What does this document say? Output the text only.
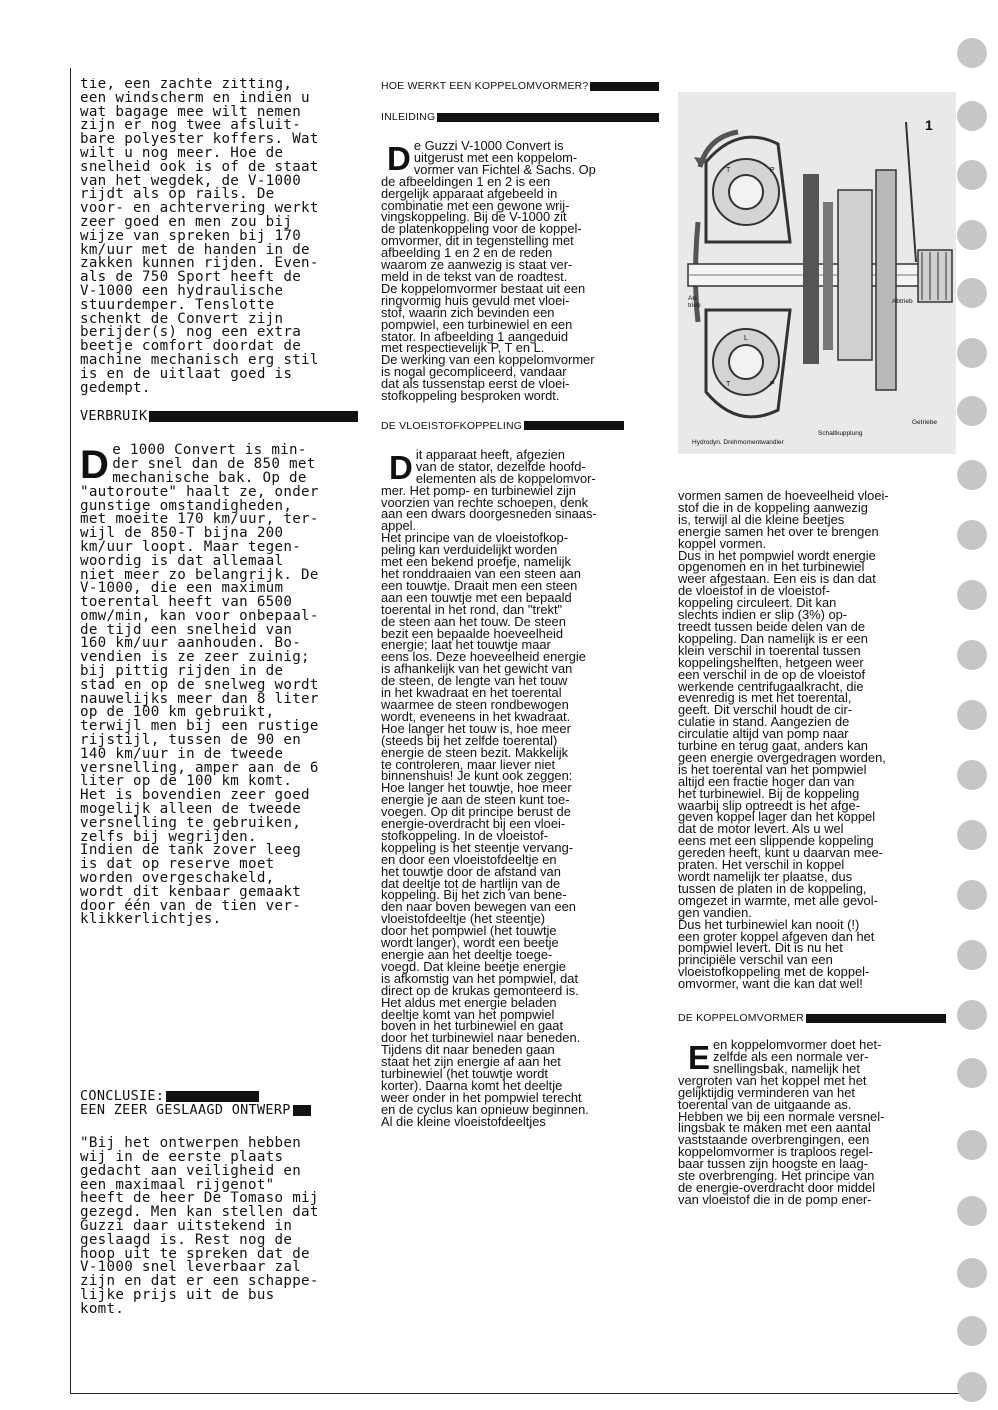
tie, een zachte zitting,
een windscherm en indien u
wat bagage mee wilt nemen
zijn er nog twee afsluit-
bare polyester koffers. Wat
wilt u nog meer. Hoe de
snelheid ook is of de staat
van het wegdek, de V-1000
rijdt als op rails. De
voor- en achtervering werkt
zeer goed en men zou bij
wijze van spreken bij 170
km/uur met de handen in de
zakken kunnen rijden. Even-
als de 750 Sport heeft de
V-1000 een hydraulische
stuurdemper. Tenslotte
schenkt de Convert zijn
berijder(s) nog een extra
beetje comfort doordat de
machine mechanisch erg stil
is en de uitlaat goed is
gedempt.
VERBRUIK
D e 1000 Convert is min-
der snel dan de 850 met
mechanische bak. Op de
"autoroute" haalt ze, onder
gunstige omstandigheden,
met moeite 170 km/uur, ter-
wijl de 850-T bijna 200
km/uur loopt. Maar tegen-
woordig is dat allemaal
niet meer zo belangrijk. De
V-1000, die een maximum
toerental heeft van 6500
omw/min, kan voor onbepaal-
de tijd een snelheid van
160 km/uur aanhouden. Bo-
vendien is ze zeer zuinig;
bij pittig rijden in de
stad en op de snelweg wordt
nauwelijks meer dan 8 liter
op de 100 km gebruikt,
terwijl men bij een rustige
rijstijl, tussen de 90 en
140 km/uur in de tweede
versnelling, amper aan de 6
liter op de 100 km komt.
Het is bovendien zeer goed
mogelijk alleen de tweede
versnelling te gebruiken,
zelfs bij wegrijden.
Indien de tank zover leeg
is dat op reserve moet
worden overgeschakeld,
wordt dit kenbaar gemaakt
door één van de tien ver-
klikkerlichtjes.
CONCLUSIE:
EEN ZEER GESLAAGD ONTWERP
"Bij het ontwerpen hebben
wij in de eerste plaats
gedacht aan veiligheid en
een maximaal rijgenot"
heeft de heer De Tomaso mij
gezegd. Men kan stellen dat
Guzzi daar uitstekend in
geslaagd is. Rest nog de
hoop uit te spreken dat de
V-1000 snel leverbaar zal
zijn en dat er een schappe-
lijke prijs uit de bus
komt.
HOE WERKT EEN KOPPELOMVORMER?
INLEIDING
D e Guzzi V-1000 Convert is
uitgerust met een koppelom-
vormer van Fichtel & Sachs. Op
de afbeeldingen 1 en 2 is een
dergelijk apparaat afgebeeld in
combinatie met een gewone wrij-
vingskoppeling. Bij de V-1000 zit
de platenkoppeling voor de koppel-
omvormer, dit in tegenstelling met
afbeelding 1 en 2 en de reden
waarom ze aanwezig is staat ver-
meld in de tekst van de roadtest.
De koppelomvormer bestaat uit een
ringvormig huis gevuld met vloei-
stof, waarin zich bevinden een
pompwiel, een turbinewiel en een
stator. In afbeelding 1 aangeduid
met respectievelijk P, T en L.
De werking van een koppelomvormer
is nogal gecompliceerd, vandaar
dat als tussenstap eerst de vloei-
stofkoppeling besproken wordt.
DE VLOEISTOFKOPPELING
D it apparaat heeft, afgezien
van de stator, dezelfde hoofd-
elementen als de koppelomvor-
mer. Het pomp- en turbinewiel zijn
voorzien van rechte schoepen, denk
aan een dwars doorgesneden sinaas-
appel.
Het principe van de vloeistofkop-
peling kan verduidelijkt worden
met een bekend proefje, namelijk
het ronddraaien van een steen aan
een touwtje. Draait men een steen
aan een touwtje met een bepaald
toerental in het rond, dan "trekt"
de steen aan het touw. De steen
bezit een bepaalde hoeveelheid
energie; laat het touwtje maar
eens los. Deze hoeveelheid energie
is afhankelijk van het gewicht van
de steen, de lengte van het touw
in het kwadraat en het toerental
waarmee de steen rondbewogen
wordt, eveneens in het kwadraat.
Hoe langer het touw is, hoe meer
(steeds bij het zelfde toerental)
energie de steen bezit. Makkelijk
te controleren, maar liever niet
binnenshuis! Je kunt ook zeggen:
Hoe langer het touwtje, hoe meer
energie je aan de steen kunt toe-
voegen. Op dit principe berust de
energie-overdracht bij een vloei-
stofkoppeling. In de vloeistof-
koppeling is het steentje vervang-
en door een vloeistofdeeltje en
het touwtje door de afstand van
dat deeltje tot de hartlijn van de
koppeling. Bij het zich van bene-
den naar boven bewegen van een
vloeistofdeeltje (het steentje)
door het pompwiel (het touwtje
wordt langer), wordt een beetje
energie aan het deeltje toege-
voegd. Dat kleine beetje energie
is afkomstig van het pompwiel, dat
direct op de krukas gemonteerd is.
Het aldus met energie beladen
deeltje komt van het pompwiel
boven in het turbinewiel en gaat
door het turbinewiel naar beneden.
Tijdens dit naar beneden gaan
staat het zijn energie af aan het
turbinewiel (het touwtje wordt
korter). Daarna komt het deeltje
weer onder in het pompwiel terecht
en de cyclus kan opnieuw beginnen.
Al die kleine vloeistofdeeltjes
1
T	P
T	P
L
An-trieb
Abtrieb
Getriebe
Schaltkupplung
Hydrodyn. Drehmomentwandler
vormen samen de hoeveelheid vloei-
stof die in de koppeling aanwezig
is, terwijl al die kleine beetjes
energie samen het over te brengen
koppel vormen.
Dus in het pompwiel wordt energie
opgenomen en in het turbinewiel
weer afgestaan. Een eis is dan dat
de vloeistof in de vloeistof-
koppeling circuleert. Dit kan
slechts indien er slip (3%) op-
treedt tussen beide delen van de
koppeling. Dan namelijk is er een
klein verschil in toerental tussen
koppelingshelften, hetgeen weer
een verschil in de op de vloeistof
werkende centrifugaalkracht, die
evenredig is met het toerental,
geeft. Dit verschil houdt de cir-
culatie in stand. Aangezien de
circulatie altijd van pomp naar
turbine en terug gaat, anders kan
geen energie overgedragen worden,
is het toerental van het pompwiel
altijd een fractie hoger dan van
het turbinewiel. Bij de koppeling
waarbij slip optreedt is het afge-
geven koppel lager dan het koppel
dat de motor levert. Als u wel
eens met een slippende koppeling
gereden heeft, kunt u daarvan mee-
praten. Het verschil in koppel
wordt namelijk ter plaatse, dus
tussen de platen in de koppeling,
omgezet in warmte, met alle gevol-
gen vandien.
Dus het turbinewiel kan nooit (!)
een groter koppel afgeven dan het
pompwiel levert. Dit is nu het
principiële verschil van een
vloeistofkoppeling met de koppel-
omvormer, want die kan dat wel!
DE KOPPELOMVORMER
E en koppelomvormer doet het-
zelfde als een normale ver-
snellingsbak, namelijk het
vergroten van het koppel met het
gelijktijdig verminderen van het
toerental van de uitgaande as.
Hebben we bij een normale versnel-
lingsbak te maken met een aantal
vaststaande overbrengingen, een
koppelomvormer is traploos regel-
baar tussen zijn hoogste en laag-
ste overbrenging. Het principe van
de energie-overdracht door middel
van vloeistof die in de pomp ener-
